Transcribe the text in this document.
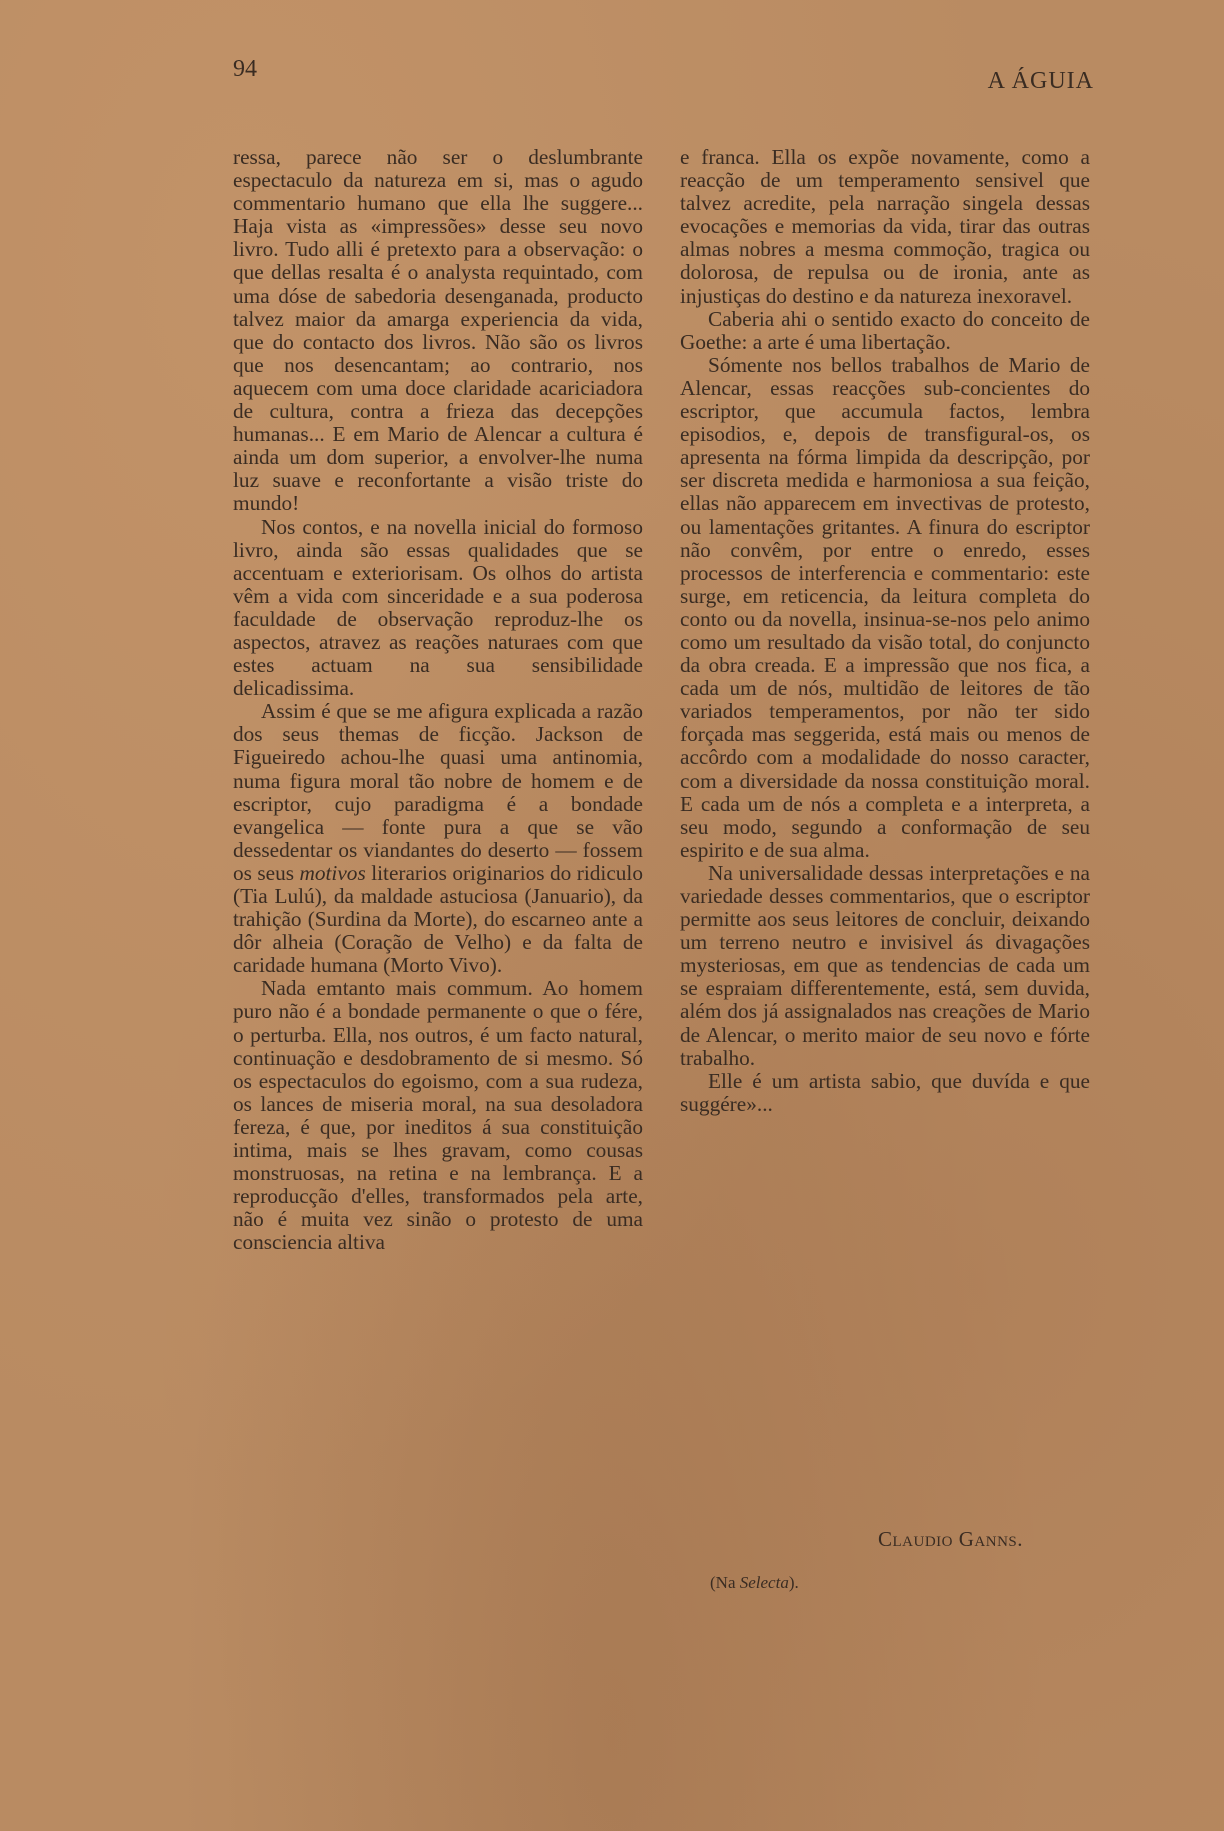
94	A ÁGUIA

ressa, parece não ser o deslumbrante espectaculo da natureza em si, mas o agudo commentario humano que ella lhe suggere... Haja vista as «impressões» desse seu novo livro. Tudo alli é pretexto para a observação: o que dellas resalta é o analysta requintado, com uma dóse de sabedoria desenganada, producto talvez maior da amarga experiencia da vida, que do contacto dos livros. Não são os livros que nos desencantam; ao contrario, nos aquecem com uma doce claridade acariciadora de cultura, contra a frieza das decepções humanas... E em Mario de Alencar a cultura é ainda um dom superior, a envolver-lhe numa luz suave e reconfortante a visão triste do mundo!

Nos contos, e na novella inicial do formoso livro, ainda são essas qualidades que se accentuam e exteriorisam. Os olhos do artista vêm a vida com sinceridade e a sua poderosa faculdade de observação reproduz-lhe os aspectos, atravez as reações naturaes com que estes actuam na sua sensibilidade delicadissima.

Assim é que se me afigura explicada a razão dos seus themas de ficção. Jackson de Figueiredo achou-lhe quasi uma antinomia, numa figura moral tão nobre de homem e de escriptor, cujo paradigma é a bondade evangelica — fonte pura a que se vão dessedentar os viandantes do deserto — fossem os seus motivos literarios originarios do ridiculo (Tia Lulú), da maldade astuciosa (Januario), da trahição (Surdina da Morte), do escarneo ante a dôr alheia (Coração de Velho) e da falta de caridade humana (Morto Vivo).

Nada emtanto mais commum. Ao homem puro não é a bondade permanente o que o fére, o perturba. Ella, nos outros, é um facto natural, continuação e desdobramento de si mesmo. Só os espectaculos do egoismo, com a sua rudeza, os lances de miseria moral, na sua desoladora fereza, é que, por ineditos á sua constituição intima, mais se lhes gravam, como cousas monstruosas, na retina e na lembrança. E a reproducção d'elles, transformados pela arte, não é muita vez sinão o protesto de uma consciencia altiva

e franca. Ella os expõe novamente, como a reacção de um temperamento sensivel que talvez acredite, pela narração singela dessas evocações e memorias da vida, tirar das outras almas nobres a mesma commoção, tragica ou dolorosa, de repulsa ou de ironia, ante as injustiças do destino e da natureza inexoravel.

Caberia ahi o sentido exacto do conceito de Goethe: a arte é uma libertação.

Sómente nos bellos trabalhos de Mario de Alencar, essas reacções sub-concientes do escriptor, que accumula factos, lembra episodios, e, depois de transfigural-os, os apresenta na fórma limpida da descripção, por ser discreta medida e harmoniosa a sua feição, ellas não apparecem em invectivas de protesto, ou lamentações gritantes. A finura do escriptor não convêm, por entre o enredo, esses processos de interferencia e commentario: este surge, em reticencia, da leitura completa do conto ou da novella, insinua-se-nos pelo animo como um resultado da visão total, do conjuncto da obra creada. E a impressão que nos fica, a cada um de nós, multidão de leitores de tão variados temperamentos, por não ter sido forçada mas seggerida, está mais ou menos de accôrdo com a modalidade do nosso caracter, com a diversidade da nossa constituição moral. E cada um de nós a completa e a interpreta, a seu modo, segundo a conformação de seu espirito e de sua alma.

Na universalidade dessas interpretações e na variedade desses commentarios, que o escriptor permitte aos seus leitores de concluir, deixando um terreno neutro e invisivel ás divagações mysteriosas, em que as tendencias de cada um se espraiam differentemente, está, sem duvida, além dos já assignalados nas creações de Mario de Alencar, o merito maior de seu novo e fórte trabalho.

Elle é um artista sabio, que duvída e que suggére»...

Claudio Ganns.
(Na Selecta).
